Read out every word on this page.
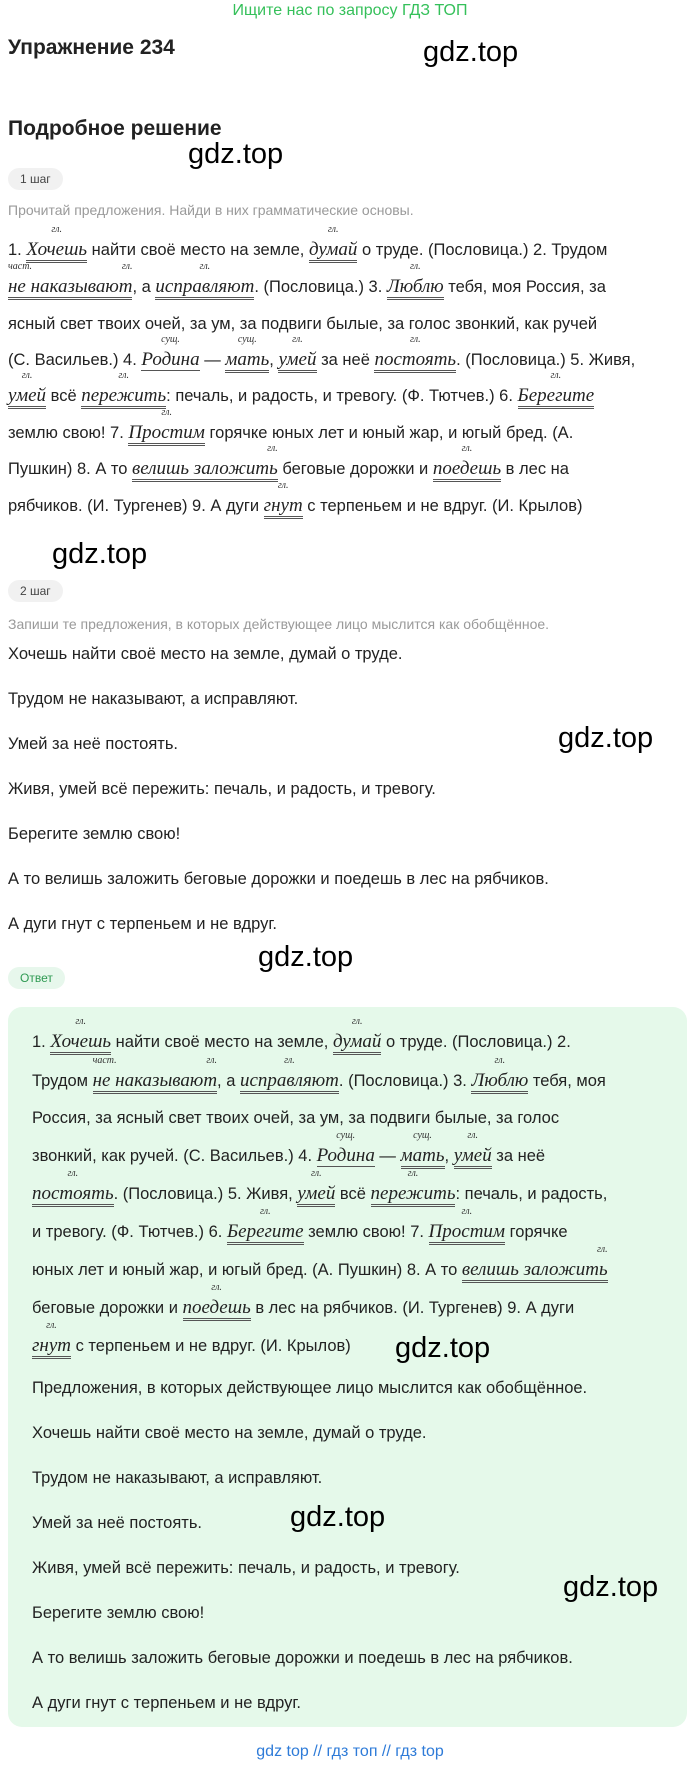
Ищите нас по запросу ГДЗ ТОП
Упражнение 234
Подробное решение
gdz.top
gdz.top
gdz.top
gdz.top
gdz.top
1 шаг
Прочитай предложения. Найди в них грамматические основы.
1.
гл.
Хочешь найти своё место на земле,
гл.
думай о труде. (Пословица.) 2. Трудом
част.	гл.
не наказывают, а
гл.
исправляют. (Пословица.) 3.
гл.
Люблю тебя, моя Россия, за
ясный свет твоих очей, за ум, за подвиги былые, за голос звонкий, как ручей
(С. Васильев.) 4.
сущ.
Родина —
сущ.
мать,
гл.
умей за неё
гл.
постоять. (Пословица.) 5. Живя,
гл.
умей всё
гл.
пережить: печаль, и радость, и тревогу. (Ф. Тютчев.) 6.
гл.
Берегите
землю свою! 7.
гл.
Простим горячке юных лет и юный жар, и югый бред. (А.
Пушкин) 8. А то
гл.
велишь заложить беговые дорожки и
гл.
поедешь в лес на
рябчиков. (И. Тургенев) 9. А дуги
гл.
гнут с терпеньем и не вдруг. (И. Крылов)
2 шаг
Запиши те предложения, в которых действующее лицо мыслится как обобщённое.
Хочешь найти своё место на земле, думай о труде.
Трудом не наказывают, а исправляют.
Умей за неё постоять.
Живя, умей всё пережить: печаль, и радость, и тревогу.
Берегите землю свою!
А то велишь заложить беговые дорожки и поедешь в лес на рябчиков.
А дуги гнут с терпеньем и не вдруг.
Ответ
1.
гл.
Хочешь найти своё место на земле,
гл.
думай о труде. (Пословица.) 2.
Трудом
част.	гл.
не наказывают, а
гл.
исправляют. (Пословица.) 3.
гл.
Люблю тебя, моя
Россия, за ясный свет твоих очей, за ум, за подвиги былые, за голос
звонкий, как ручей. (С. Васильев.) 4.
сущ.
Родина —
сущ.
мать,
гл.
умей за неё
гл.
постоять. (Пословица.) 5. Живя,
гл.
умей всё
гл.
пережить: печаль, и радость,
и тревогу. (Ф. Тютчев.) 6.
гл.
Берегите землю свою! 7.
гл.
Простим горячке
юных лет и юный жар, и югый бред. (А. Пушкин) 8. А то
гл.
велишь заложить
беговые дорожки и
гл.
поедешь в лес на рябчиков. (И. Тургенев) 9. А дуги
гл.
гнут с терпеньем и не вдруг. (И. Крылов) gdz.top
gdz.top
gdz.top
Предложения, в которых действующее лицо мыслится как обобщённое.
Хочешь найти своё место на земле, думай о труде.
Трудом не наказывают, а исправляют.
Умей за неё постоять.
Живя, умей всё пережить: печаль, и радость, и тревогу.
Берегите землю свою!
А то велишь заложить беговые дорожки и поедешь в лес на рябчиков.
А дуги гнут с терпеньем и не вдруг.
gdz top // гдз топ // гдз top
